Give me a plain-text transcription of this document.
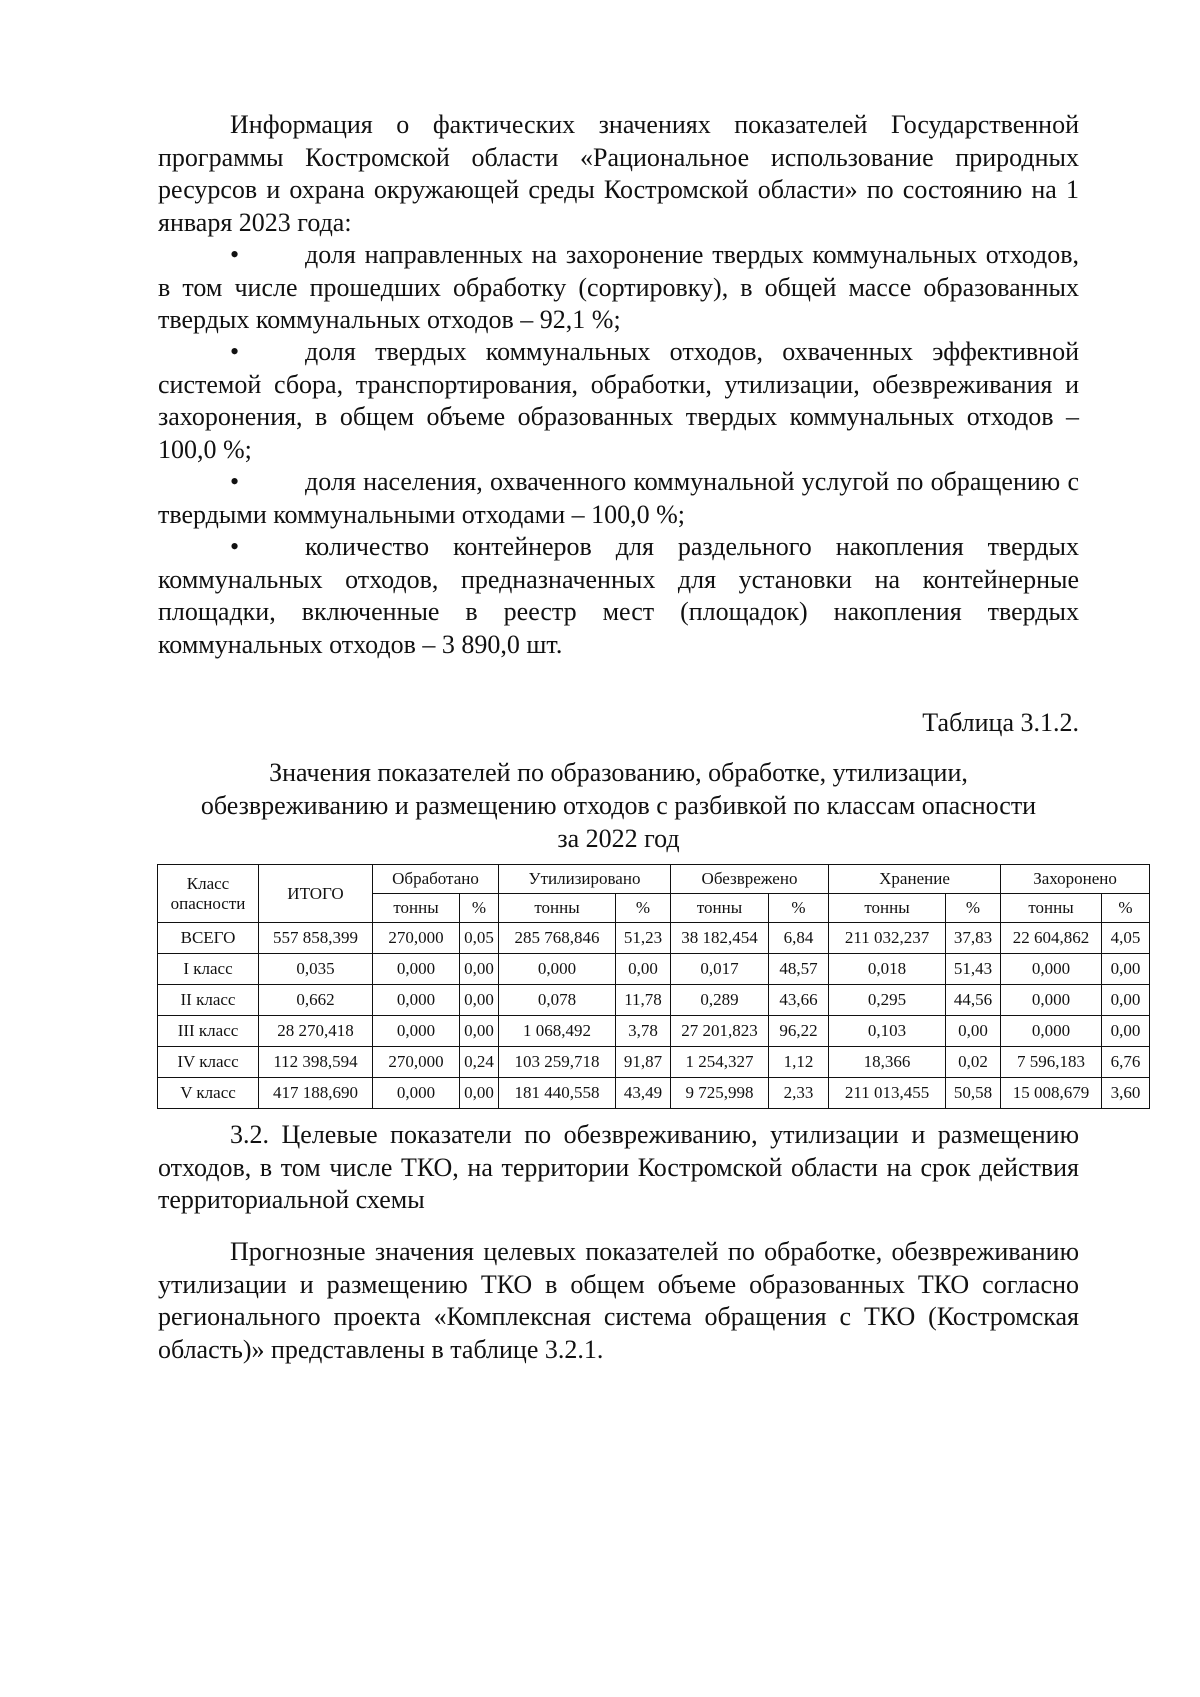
Информация о фактических значениях показателей Государственной программы Костромской области «Рациональное использование природных ресурсов и охрана окружающей среды Костромской области» по состоянию на 1 января 2023 года:

•	доля направленных на захоронение твердых коммунальных отходов, в том числе прошедших обработку (сортировку), в общей массе образованных твердых коммунальных отходов – 92,1 %;

•	доля твердых коммунальных отходов, охваченных эффективной системой сбора, транспортирования, обработки, утилизации, обезвреживания и захоронения, в общем объеме образованных твердых коммунальных отходов – 100,0 %;

•	доля населения, охваченного коммунальной услугой по обращению с твердыми коммунальными отходами – 100,0 %;

•	количество контейнеров для раздельного накопления твердых коммунальных отходов, предназначенных для установки на контейнерные площадки, включенные в реестр мест (площадок) накопления твердых коммунальных отходов – 3 890,0 шт.

Таблица 3.1.2.

Значения показателей по образованию, обработке, утилизации,

обезвреживанию и размещению отходов с разбивкой по классам опасности

за 2022 год

Класс опасности	ИТОГО	Обработано		Утилизировано		Обезврежено		Хранение		Захоронено	
		тонны	%	тонны	%	тонны	%	тонны	%	тонны	%
ВСЕГО	557 858,399	270,000	0,05	285 768,846	51,23	38 182,454	6,84	211 032,237	37,83	22 604,862	4,05
I класс	0,035	0,000	0,00	0,000	0,00	0,017	48,57	0,018	51,43	0,000	0,00
II класс	0,662	0,000	0,00	0,078	11,78	0,289	43,66	0,295	44,56	0,000	0,00
III класс	28 270,418	0,000	0,00	1 068,492	3,78	27 201,823	96,22	0,103	0,00	0,000	0,00
IV класс	112 398,594	270,000	0,24	103 259,718	91,87	1 254,327	1,12	18,366	0,02	7 596,183	6,76
V класс	417 188,690	0,000	0,00	181 440,558	43,49	9 725,998	2,33	211 013,455	50,58	15 008,679	3,60

3.2. Целевые показатели по обезвреживанию, утилизации и размещению отходов, в том числе ТКО, на территории Костромской области на срок действия территориальной схемы

Прогнозные значения целевых показателей по обработке, обезвреживанию утилизации и размещению ТКО в общем объеме образованных ТКО согласно регионального проекта «Комплексная система обращения с ТКО (Костромская область)» представлены в таблице 3.2.1.
